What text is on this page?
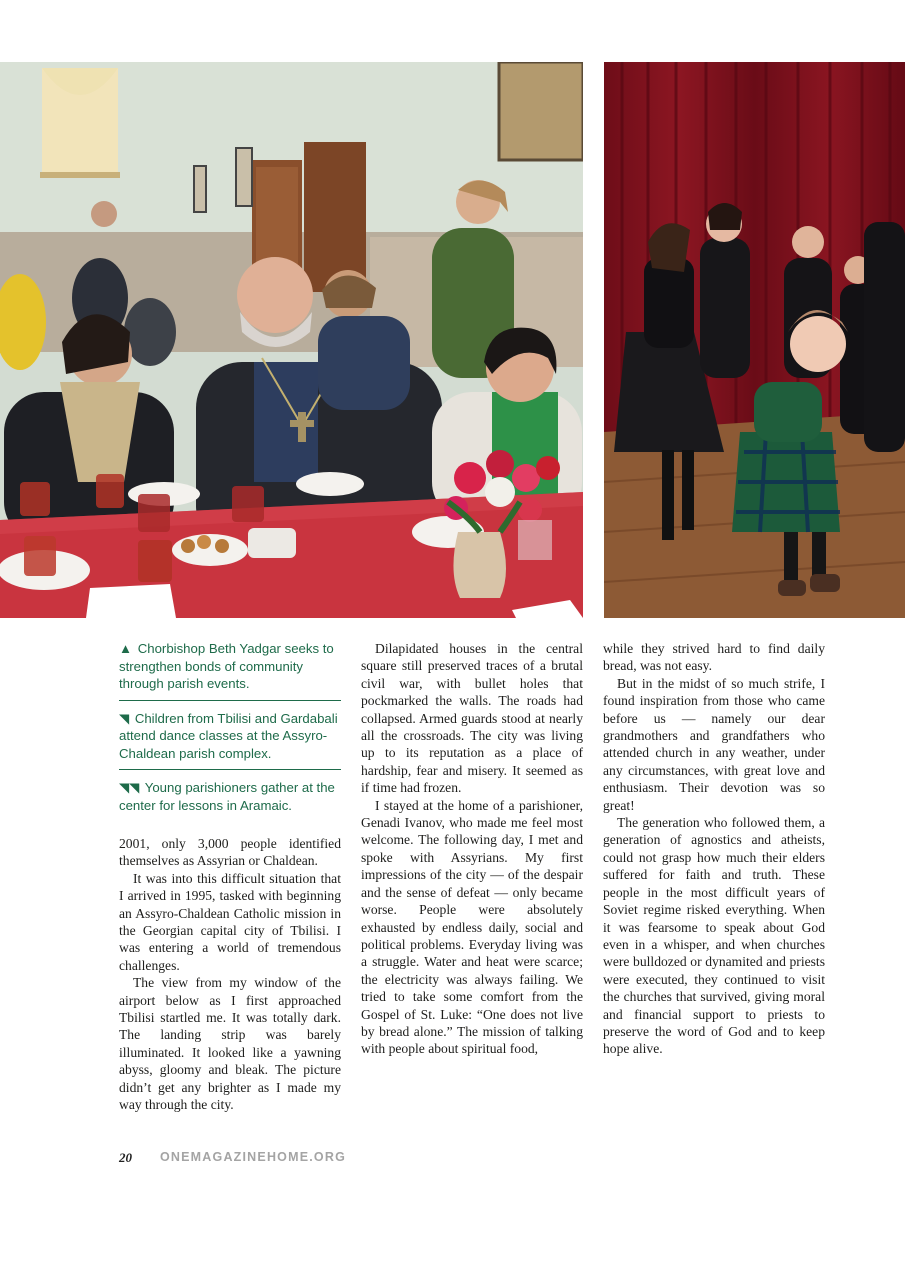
▲ Chorbishop Beth Yadgar seeks to strengthen bonds of community through parish events.

◥ Children from Tbilisi and Gardabali attend dance classes at the Assyro-Chaldean parish complex.

◥◥ Young parishioners gather at the center for lessons in Aramaic.

2001, only 3,000 people identified themselves as Assyrian or Chaldean.

It was into this difficult situation that I arrived in 1995, tasked with beginning an Assyro-Chaldean Catholic mission in the Georgian capital city of Tbilisi. I was entering a world of tremendous challenges.

The view from my window of the airport below as I first approached Tbilisi startled me. It was totally dark. The landing strip was barely illuminated. It looked like a yawning abyss, gloomy and bleak. The picture didn’t get any brighter as I made my way through the city.

Dilapidated houses in the central square still preserved traces of a brutal civil war, with bullet holes that pockmarked the walls. The roads had collapsed. Armed guards stood at nearly all the crossroads. The city was living up to its reputation as a place of hardship, fear and misery. It seemed as if time had frozen.

I stayed at the home of a parishioner, Genadi Ivanov, who made me feel most welcome. The following day, I met and spoke with Assyrians. My first impressions of the city — of the despair and the sense of defeat — only became worse. People were absolutely exhausted by endless daily, social and political problems. Everyday living was a struggle. Water and heat were scarce; the electricity was always failing. We tried to take some comfort from the Gospel of St. Luke: “One does not live by bread alone.” The mission of talking with people about spiritual food,

while they strived hard to find daily bread, was not easy.

But in the midst of so much strife, I found inspiration from those who came before us — namely our dear grandmothers and grandfathers who attended church in any weather, under any circumstances, with great love and enthusiasm. Their devotion was so great!

The generation who followed them, a generation of agnostics and atheists, could not grasp how much their elders suffered for faith and truth. These people in the most difficult years of Soviet regime risked everything. When it was fearsome to speak about God even in a whisper, and when churches were bulldozed or dynamited and priests were executed, they continued to visit the churches that survived, giving moral and financial support to priests to preserve the word of God and to keep hope alive.

20 ONEMAGAZINEHOME.ORG
